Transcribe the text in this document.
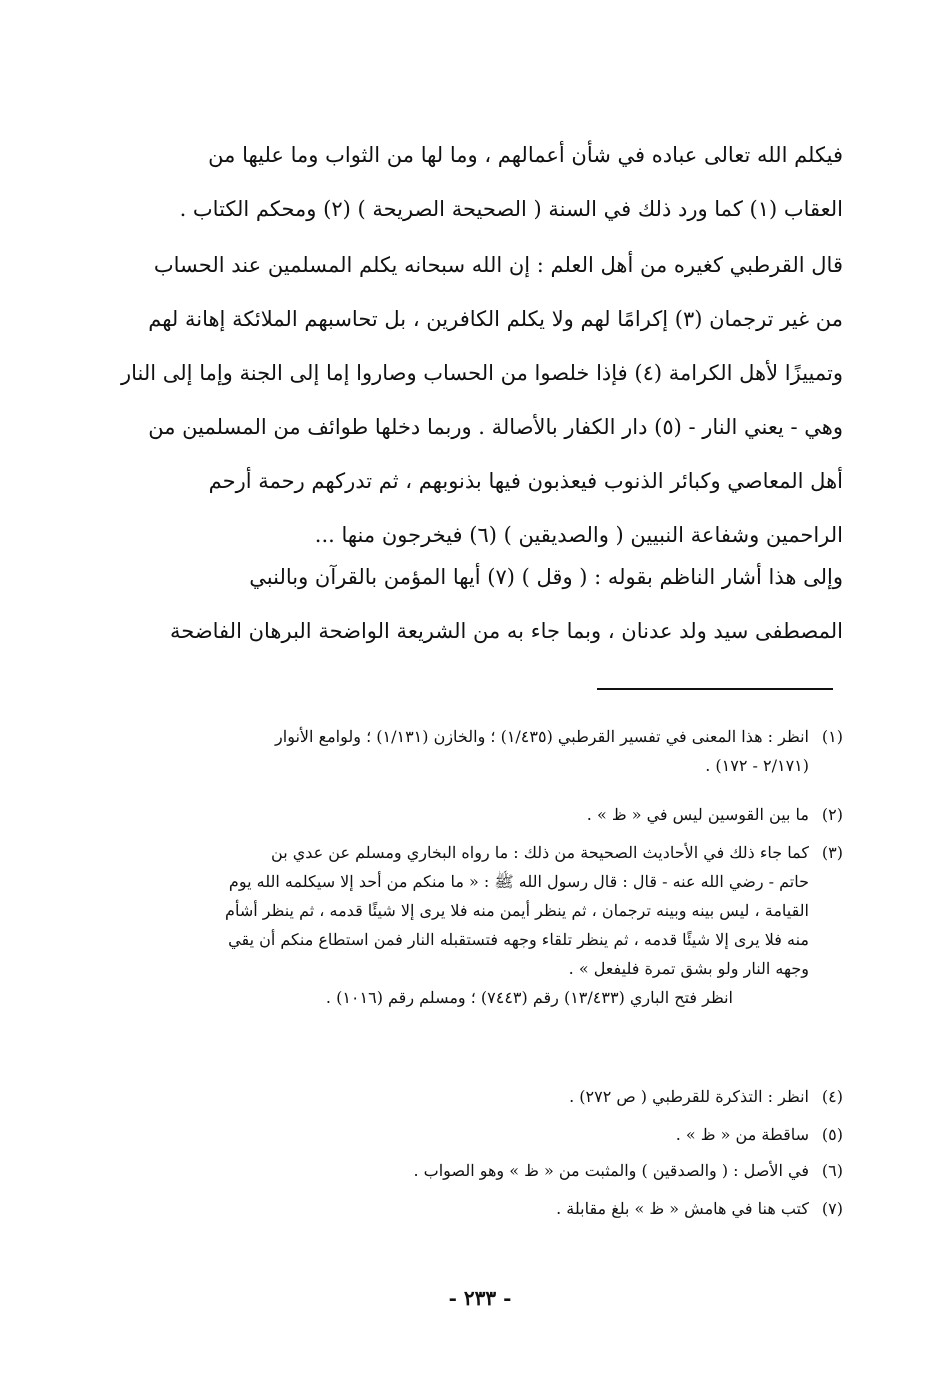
فيكلم الله تعالى عباده في شأن أعمالهم ، وما لها من الثواب وما عليها من
العقاب (١) كما ورد ذلك في السنة ( الصحيحة الصريحة ) (٢) ومحكم الكتاب .

قال القرطبي كغيره من أهل العلم : إن الله سبحانه يكلم المسلمين عند الحساب
من غير ترجمان (٣) إكرامًا لهم ولا يكلم الكافرين ، بل تحاسبهم الملائكة إهانة لهم
وتمييزًا لأهل الكرامة (٤) فإذا خلصوا من الحساب وصاروا إما إلى الجنة وإما إلى النار
وهي - يعني النار - (٥) دار الكفار بالأصالة . وربما دخلها طوائف من المسلمين من
أهل المعاصي وكبائر الذنوب فيعذبون فيها بذنوبهم ، ثم تدركهم رحمة أرحم
الراحمين وشفاعة النبيين ( والصديقين ) (٦) فيخرجون منها ...

وإلى هذا أشار الناظم بقوله : ( وقل ) (٧) أيها المؤمن بالقرآن وبالنبي
المصطفى سيد ولد عدنان ، وبما جاء به من الشريعة الواضحة البرهان الفاضحة

(١)انظر : هذا المعنى في تفسير القرطبي (١/٤٣٥) ؛ والخازن (١/١٣١) ؛ ولوامع الأنوار
(٢/١٧١ - ١٧٢) .
(٢)ما بين القوسين ليس في « ظ » .
(٣)كما جاء ذلك في الأحاديث الصحيحة من ذلك : ما رواه البخاري ومسلم عن عدي بن
حاتم - رضي الله عنه - قال : قال رسول الله ﷺ : « ما منكم من أحد إلا سيكلمه الله يوم
القيامة ، ليس بينه وبينه ترجمان ، ثم ينظر أيمن منه فلا يرى إلا شيئًا قدمه ، ثم ينظر أشأم
منه فلا يرى إلا شيئًا قدمه ، ثم ينظر تلقاء وجهه فتستقبله النار فمن استطاع منكم أن يقي
وجهه النار ولو بشق تمرة فليفعل » .
انظر فتح الباري (١٣/٤٣٣) رقم (٧٤٤٣) ؛ ومسلم رقم (١٠١٦) .
(٤)انظر : التذكرة للقرطبي ( ص ٢٧٢) .
(٥)ساقطة من « ظ » .
(٦)في الأصل : ( والصدقين ) والمثبت من « ظ » وهو الصواب .
(٧)كتب هنا في هامش « ظ » بلغ مقابلة .
- ٢٣٣ -
